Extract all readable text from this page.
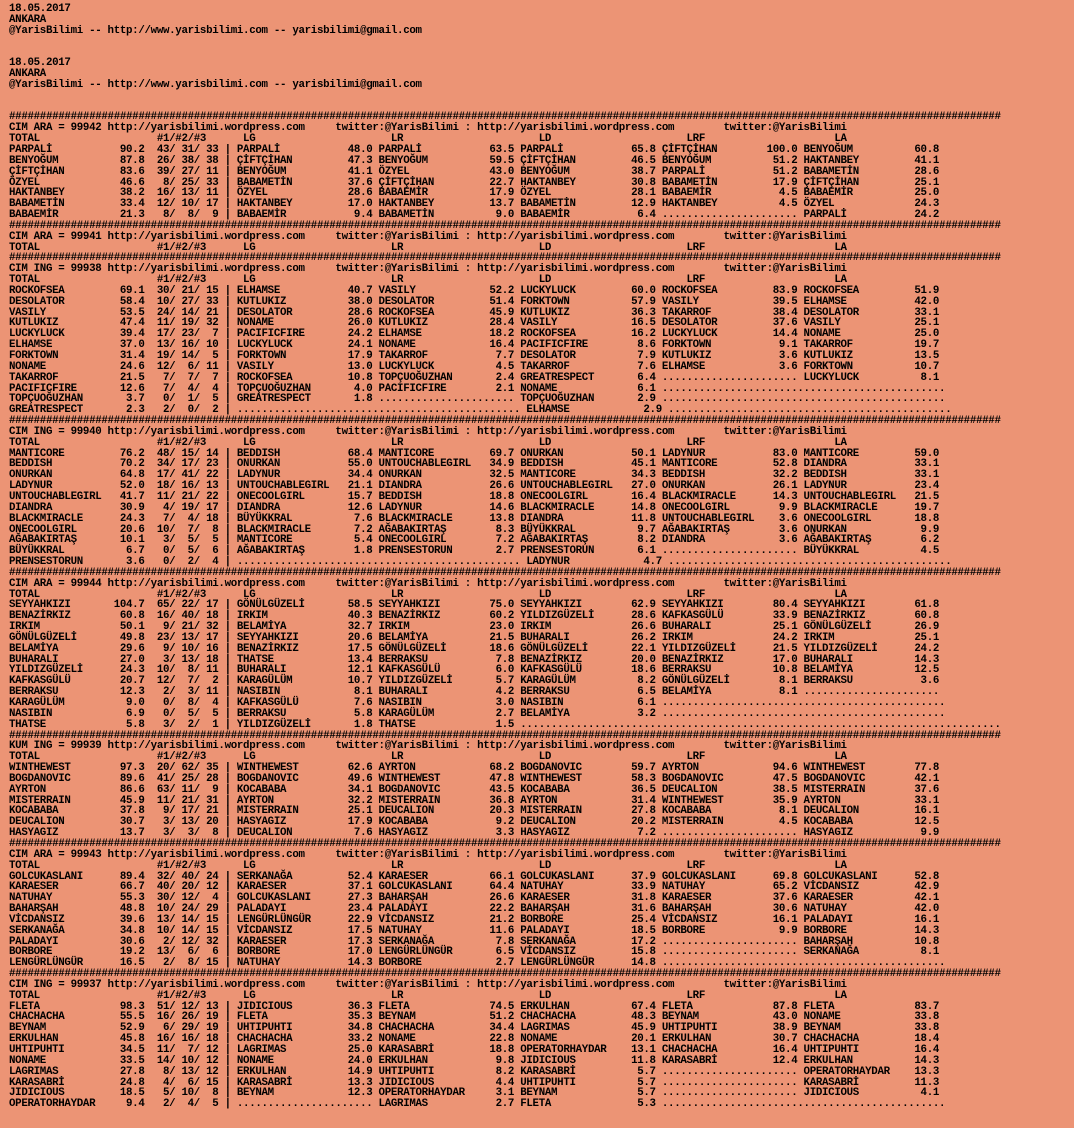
18.05.2017
ANKARA
@YarisBilimi -- http://www.yarisbilimi.com -- yarisbilimi@gmail.com

18.05.2017
ANKARA
@YarisBilimi -- http://www.yarisbilimi.com -- yarisbilimi@gmail.com

#################################################################################################################################################################
CIM ARA = 99942 http://yarisbilimi.wordpress.com     twitter:@YarisBilimi : http://yarisbilimi.wordpress.com        twitter:@YarisBilimi
TOTAL                   #1/#2/#3      LG                      LR                      LD                      LRF                     LA
PARPALİ           90.2  43/ 31/ 33 | PARPALİ           48.0 PARPALİ           63.5 PARPALİ           65.8 ÇİFTÇİHAN        100.0 BENYOĞUM          60.8
BENYOĞUM          87.8  26/ 38/ 38 | ÇİFTÇİHAN         47.3 BENYOĞUM          59.5 ÇİFTÇİHAN         46.5 BENYOĞUM          51.2 HAKTANBEY         41.1
ÇİFTÇİHAN         83.6  39/ 27/ 11 | BENYOĞUM          41.1 ÖZYEL             43.0 BENYOĞUM          38.7 PARPALİ           51.2 BABAMETİN         28.6
ÖZYEL             46.6   8/ 25/ 33 | BABAMETİN         37.6 ÇİFTÇİHAN         22.7 HAKTANBEY         30.8 BABAMETİN         17.9 ÇİFTÇİHAN         25.1
HAKTANBEY         38.2  16/ 13/ 11 | ÖZYEL             28.6 BABAEMİR          17.9 ÖZYEL             28.1 BABAEMİR           4.5 BABAEMİR          25.0
BABAMETİN         33.4  12/ 10/ 17 | HAKTANBEY         17.0 HAKTANBEY         13.7 BABAMETİN         12.9 HAKTANBEY          4.5 ÖZYEL             24.3
BABAEMİR          21.3   8/  8/  9 | BABAEMİR           9.4 BABAMETİN          9.0 BABAEMİR           6.4 ...................... PARPALİ           24.2
#################################################################################################################################################################
CIM ARA = 99941 http://yarisbilimi.wordpress.com     twitter:@YarisBilimi : http://yarisbilimi.wordpress.com        twitter:@YarisBilimi
TOTAL                   #1/#2/#3      LG                      LR                      LD                      LRF                     LA
#################################################################################################################################################################
CIM ING = 99938 http://yarisbilimi.wordpress.com     twitter:@YarisBilimi : http://yarisbilimi.wordpress.com        twitter:@YarisBilimi
TOTAL                   #1/#2/#3      LG                      LR                      LD                      LRF                     LA
ROCKOFSEA         69.1  30/ 21/ 15 | ELHAMSE           40.7 VASILY            52.2 LUCKYLUCK         60.0 ROCKOFSEA         83.9 ROCKOFSEA         51.9
DESOLATOR         58.4  10/ 27/ 33 | KUTLUKIZ          38.0 DESOLATOR         51.4 FORKTOWN          57.9 VASILY            39.5 ELHAMSE           42.0
VASILY            53.5  24/ 14/ 21 | DESOLATOR         28.6 ROCKOFSEA         45.9 KUTLUKIZ          36.3 TAKARROF          38.4 DESOLATOR         33.1
KUTLUKIZ          47.4  11/ 19/ 32 | NONAME            26.0 KUTLUKIZ          28.4 VASILY            16.5 DESOLATOR         37.6 VASILY            25.1
LUCKYLUCK         39.4  17/ 23/  7 | PACIFICFIRE       24.2 ELHAMSE           18.2 ROCKOFSEA         16.2 LUCKYLUCK         14.4 NONAME            25.0
ELHAMSE           37.0  13/ 16/ 10 | LUCKYLUCK         24.1 NONAME            16.4 PACIFICFIRE        8.6 FORKTOWN           9.1 TAKARROF          19.7
FORKTOWN          31.4  19/ 14/  5 | FORKTOWN          17.9 TAKARROF           7.7 DESOLATOR          7.9 KUTLUKIZ           3.6 KUTLUKIZ          13.5
NONAME            24.6  12/  6/ 11 | VASILY            13.0 LUCKYLUCK          4.5 TAKARROF           7.6 ELHAMSE            3.6 FORKTOWN          10.7
TAKARROF          21.5   7/  7/  7 | ROCKOFSEA         10.8 TOPÇUOĞUZHAN       2.4 GREATRESPECT       6.4 ...................... LUCKYLUCK          8.1
PACIFICFIRE       12.6   7/  4/  4 | TOPÇUOĞUZHAN       4.0 PACIFICFIRE        2.1 NONAME             6.1 ..............................................
TOPÇUOĞUZHAN       3.7   0/  1/  5 | GREATRESPECT       1.8 ...................... TOPÇUOĞUZHAN       2.9 ..............................................
GREATRESPECT       2.3   2/  0/  2 | .............................................. ELHAMSE            2.9 ..............................................
#################################################################################################################################################################
CIM ING = 99940 http://yarisbilimi.wordpress.com     twitter:@YarisBilimi : http://yarisbilimi.wordpress.com        twitter:@YarisBilimi
TOTAL                   #1/#2/#3      LG                      LR                      LD                      LRF                     LA
MANTICORE         76.2  48/ 15/ 14 | BEDDISH           68.4 MANTICORE         69.7 ONURKAN           50.1 LADYNUR           83.0 MANTICORE         59.0
BEDDISH           70.2  34/ 17/ 23 | ONURKAN           55.0 UNTOUCHABLEGIRL   34.9 BEDDISH           45.1 MANTICORE         52.8 DIANDRA           33.1
ONURKAN           64.8  17/ 41/ 22 | LADYNUR           34.4 ONURKAN           32.5 MANTICORE         34.3 BEDDISH           32.2 BEDDISH           33.1
LADYNUR           52.0  18/ 16/ 13 | UNTOUCHABLEGIRL   21.1 DIANDRA           26.6 UNTOUCHABLEGIRL   27.0 ONURKAN           26.1 LADYNUR           23.4
UNTOUCHABLEGIRL   41.7  11/ 21/ 22 | ONECOOLGIRL       15.7 BEDDISH           18.8 ONECOOLGIRL       16.4 BLACKMIRACLE      14.3 UNTOUCHABLEGIRL   21.5
DIANDRA           30.9   4/ 19/ 17 | DIANDRA           12.6 LADYNUR           14.6 BLACKMIRACLE      14.8 ONECOOLGIRL        9.9 BLACKMIRACLE      19.7
BLACKMIRACLE      24.3   7/  4/ 18 | BÜYÜKKRAL          7.6 BLACKMIRACLE      13.8 DIANDRA           11.8 UNTOUCHABLEGIRL    3.6 ONECOOLGIRL       18.8
ONECOOLGIRL       20.6  10/  7/  8 | BLACKMIRACLE       7.2 AĞABAKIRTAŞ        8.3 BÜYÜKKRAL          9.7 AĞABAKIRTAŞ        3.6 ONURKAN            9.9
AĞABAKIRTAŞ       10.1   3/  5/  5 | MANTICORE          5.4 ONECOOLGIRL        7.2 AĞABAKIRTAŞ        8.2 DIANDRA            3.6 AĞABAKIRTAŞ        6.2
BÜYÜKKRAL          6.7   0/  5/  6 | AĞABAKIRTAŞ        1.8 PRENSESTORUN       2.7 PRENSESTORUN       6.1 ...................... BÜYÜKKRAL          4.5
PRENSESTORUN       3.6   0/  2/  4 | .............................................. LADYNUR            4.7 ..............................................
#################################################################################################################################################################
CIM ARA = 99944 http://yarisbilimi.wordpress.com     twitter:@YarisBilimi : http://yarisbilimi.wordpress.com        twitter:@YarisBilimi
TOTAL                   #1/#2/#3      LG                      LR                      LD                      LRF                     LA
SEYYAHKIZI       104.7  65/ 22/ 17 | GÖNÜLGÜZELİ       58.5 SEYYAHKIZI        75.0 SEYYAHKIZI        62.9 SEYYAHKIZI        80.4 SEYYAHKIZI        61.8
BENAZİRKIZ        60.8  16/ 40/ 18 | IRKIM             40.3 BENAZİRKIZ        60.2 YILDIZGÜZELİ      28.6 KAFKASGÜLÜ        33.9 BENAZİRKIZ        60.8
IRKIM             50.1   9/ 21/ 32 | BELAMİYA          32.7 IRKIM             23.0 IRKIM             26.6 BUHARALI          25.1 GÖNÜLGÜZELİ       26.9
GÖNÜLGÜZELİ       49.8  23/ 13/ 17 | SEYYAHKIZI        20.6 BELAMİYA          21.5 BUHARALI          26.2 IRKIM             24.2 IRKIM             25.1
BELAMİYA          29.6   9/ 10/ 16 | BENAZİRKIZ        17.5 GÖNÜLGÜZELİ       18.6 GÖNÜLGÜZELİ       22.1 YILDIZGÜZELİ      21.5 YILDIZGÜZELİ      24.2
BUHARALI          27.0   3/ 13/ 18 | THATSE            13.4 BERRAKSU           7.8 BENAZİRKIZ        20.0 BENAZİRKIZ        17.0 BUHARALI          14.3
YILDIZGÜZELİ      24.3  10/  8/ 11 | BUHARALI          12.1 KAFKASGÜLÜ         6.0 KAFKASGÜLÜ        18.6 BERRAKSU          10.8 BELAMİYA          12.5
KAFKASGÜLÜ        20.7  12/  7/  2 | KARAGÜLÜM         10.7 YILDIZGÜZELİ       5.7 KARAGÜLÜM          8.2 GÖNÜLGÜZELİ        8.1 BERRAKSU           3.6
BERRAKSU          12.3   2/  3/ 11 | NASIBIN            8.1 BUHARALI           4.2 BERRAKSU           6.5 BELAMİYA           8.1 ......................
KARAGÜLÜM          9.0   0/  8/  4 | KAFKASGÜLÜ         7.6 NASIBIN            3.0 NASIBIN            6.1 ..............................................
NASIBIN            6.9   0/  5/  5 | BERRAKSU           5.8 KARAGÜLÜM          2.7 BELAMİYA           3.2 ..............................................
THATSE             5.8   3/  2/  1 | YILDIZGÜZELİ       1.8 THATSE             1.5 ..............................................................................
#################################################################################################################################################################
KUM ING = 99939 http://yarisbilimi.wordpress.com     twitter:@YarisBilimi : http://yarisbilimi.wordpress.com        twitter:@YarisBilimi
TOTAL                   #1/#2/#3      LG                      LR                      LD                      LRF                     LA
WINTHEWEST        97.3  20/ 62/ 35 | WINTHEWEST        62.6 AYRTON            68.2 BOGDANOVIC        59.7 AYRTON            94.6 WINTHEWEST        77.8
BOGDANOVIC        89.6  41/ 25/ 28 | BOGDANOVIC        49.6 WINTHEWEST        47.8 WINTHEWEST        58.3 BOGDANOVIC        47.5 BOGDANOVIC        42.1
AYRTON            86.6  63/ 11/  9 | KOCABABA          34.1 BOGDANOVIC        43.5 KOCABABA          36.5 DEUCALION         38.5 MISTERRAIN        37.6
MISTERRAIN        45.9  11/ 21/ 31 | AYRTON            32.2 MISTERRAIN        36.8 AYRTON            31.4 WINTHEWEST        35.9 AYRTON            33.1
KOCABABA          37.8   9/ 17/ 21 | MISTERRAIN        25.1 DEUCALION         20.3 MISTERRAIN        27.8 KOCABABA           8.1 DEUCALION         16.1
DEUCALION         30.7   3/ 13/ 20 | HASYAGIZ          17.9 KOCABABA           9.2 DEUCALION         20.2 MISTERRAIN         4.5 KOCABABA          12.5
HASYAGIZ          13.7   3/  3/  8 | DEUCALION          7.6 HASYAGIZ           3.3 HASYAGIZ           7.2 ...................... HASYAGIZ           9.9
#################################################################################################################################################################
CIM ARA = 99943 http://yarisbilimi.wordpress.com     twitter:@YarisBilimi : http://yarisbilimi.wordpress.com        twitter:@YarisBilimi
TOTAL                   #1/#2/#3      LG                      LR                      LD                      LRF                     LA
GOLCUKASLANI      89.4  32/ 40/ 24 | SERKANAĞA         52.4 KARAESER          66.1 GOLCUKASLANI      37.9 GOLCUKASLANI      69.8 GOLCUKASLANI      52.8
KARAESER          66.7  40/ 20/ 12 | KARAESER          37.1 GOLCUKASLANI      64.4 NATUHAY           33.9 NATUHAY           65.2 VİCDANSIZ         42.9
NATUHAY           55.3  30/ 12/  4 | GOLCUKASLANI      27.3 BAHARŞAH          26.6 KARAESER          31.8 KARAESER          37.6 KARAESER          42.1
BAHARŞAH          48.8  10/ 24/ 29 | PALADAYI          23.4 PALADAYI          22.2 BAHARŞAH          31.6 BAHARŞAH          30.6 NATUHAY           42.0
VİCDANSIZ         39.6  13/ 14/ 15 | LENGÜRLÜNGÜR      22.9 VİCDANSIZ         21.2 BORBORE           25.4 VİCDANSIZ         16.1 PALADAYI          16.1
SERKANAĞA         34.8  10/ 14/ 15 | VİCDANSIZ         17.5 NATUHAY           11.6 PALADAYI          18.5 BORBORE            9.9 BORBORE           14.3
PALADAYI          30.6   2/ 12/ 32 | KARAESER          17.3 SERKANAĞA          7.8 SERKANAĞA         17.2 ...................... BAHARŞAH          10.8
BORBORE           19.2  13/  6/  6 | BORBORE           17.0 LENGÜRLÜNGÜR       6.5 VİCDANSIZ         15.8 ...................... SERKANAĞA          8.1
LENGÜRLÜNGÜR      16.5   2/  8/ 15 | NATUHAY           14.3 BORBORE            2.7 LENGÜRLÜNGÜR      14.8 ..............................................
#################################################################################################################################################################
CIM ING = 99937 http://yarisbilimi.wordpress.com     twitter:@YarisBilimi : http://yarisbilimi.wordpress.com        twitter:@YarisBilimi
TOTAL                   #1/#2/#3      LG                      LR                      LD                      LRF                     LA
FLETA             98.3  51/ 12/ 13 | JIDICIOUS         36.3 FLETA             74.5 ERKULHAN          67.4 FLETA             87.8 FLETA             83.7
CHACHACHA         55.5  16/ 26/ 19 | FLETA             35.3 BEYNAM            51.2 CHACHACHA         48.3 BEYNAM            43.0 NONAME            33.8
BEYNAM            52.9   6/ 29/ 19 | UHTIPUHTI         34.8 CHACHACHA         34.4 LAGRIMAS          45.9 UHTIPUHTI         38.9 BEYNAM            33.8
ERKULHAN          45.8  16/ 16/ 18 | CHACHACHA         33.2 NONAME            22.8 NONAME            20.1 ERKULHAN          30.7 CHACHACHA         18.4
UHTIPUHTI         34.5  11/  7/ 12 | LAGRIMAS          25.0 KARASABRİ         18.8 OPERATORHAYDAR    13.1 CHACHACHA         16.4 UHTIPUHTI         16.4
NONAME            33.5  14/ 10/ 12 | NONAME            24.0 ERKULHAN           9.8 JIDICIOUS         11.8 KARASABRİ         12.4 ERKULHAN          14.3
LAGRIMAS          27.8   8/ 13/ 12 | ERKULHAN          14.9 UHTIPUHTI          8.2 KARASABRİ          5.7 ...................... OPERATORHAYDAR    13.3
KARASABRİ         24.8   4/  6/ 15 | KARASABRİ         13.3 JIDICIOUS          4.4 UHTIPUHTI          5.7 ...................... KARASABRİ         11.3
JIDICIOUS         18.5   5/ 10/  8 | BEYNAM            12.3 OPERATORHAYDAR     3.1 BEYNAM             5.7 ...................... JIDICIOUS          4.1
OPERATORHAYDAR     9.4   2/  4/  5 | ...................... LAGRIMAS           2.7 FLETA              5.3 ..............................................
